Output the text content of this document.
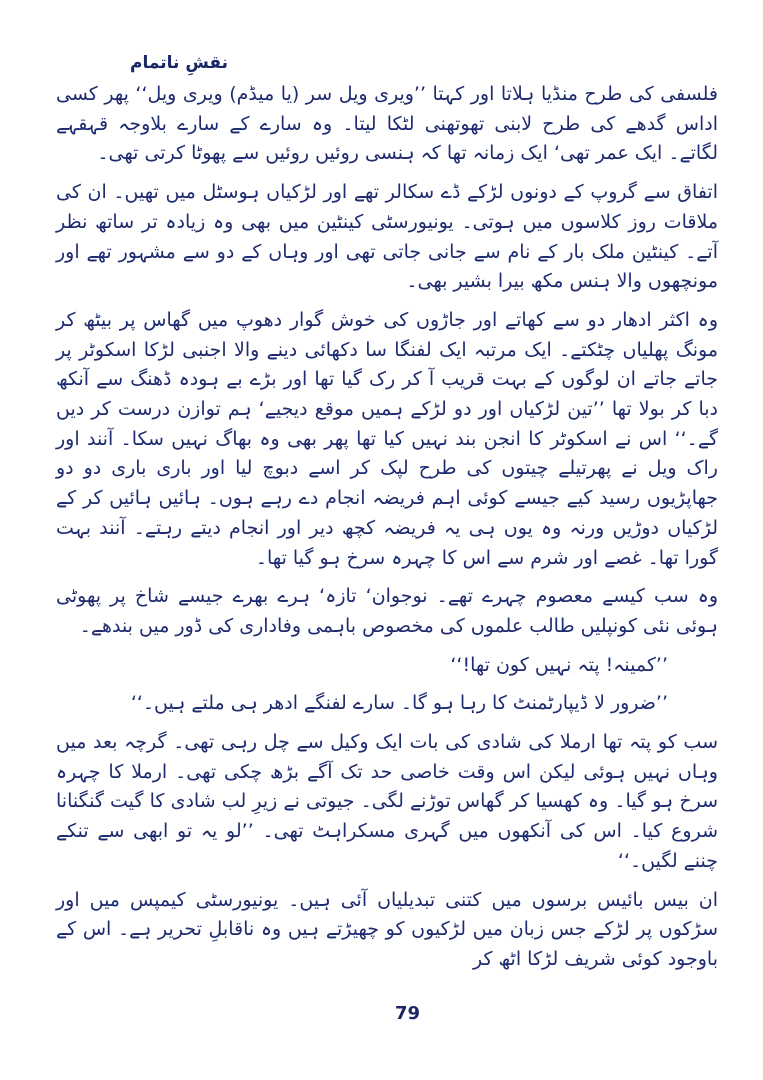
نقشِ ناتمام

فلسفی کی طرح منڈیا ہلاتا اور کہتا ’’ویری ویل سر (یا میڈم) ویری ویل‘‘ پھر کسی اداس گدھے کی طرح لابنی تھوتھنی لٹکا لیتا۔ وہ سارے کے سارے بلاوجہ قہقہے لگاتے۔ ایک عمر تھی‘ ایک زمانہ تھا کہ ہنسی روئیں روئیں سے پھوٹا کرتی تھی۔

اتفاق سے گروپ کے دونوں لڑکے ڈے سکالر تھے اور لڑکیاں ہوسٹل میں تھیں۔ ان کی ملاقات روز کلاسوں میں ہوتی۔ یونیورسٹی کینٹین میں بھی وہ زیادہ تر ساتھ نظر آتے۔ کینٹین ملک بار کے نام سے جانی جاتی تھی اور وہاں کے دو سے مشہور تھے اور مونچھوں والا ہنس مکھ بیرا بشیر بھی۔

وہ اکثر ادھار دو سے کھاتے اور جاڑوں کی خوش گوار دھوپ میں گھاس پر بیٹھ کر مونگ پھلیاں چٹکتے۔ ایک مرتبہ ایک لفنگا سا دکھائی دینے والا اجنبی لڑکا اسکوٹر پر جاتے جاتے ان لوگوں کے بہت قریب آ کر رک گیا تھا اور بڑے بے ہودہ ڈھنگ سے آنکھ دبا کر بولا تھا ’’تین لڑکیاں اور دو لڑکے ہمیں موقع دیجیے‘ ہم توازن درست کر دیں گے۔‘‘ اس نے اسکوٹر کا انجن بند نہیں کیا تھا پھر بھی وہ بھاگ نہیں سکا۔ آنند اور راک ویل نے پھرتیلے چیتوں کی طرح لپک کر اسے دبوچ لیا اور باری باری دو دو جھاپڑیوں رسید کیے جیسے کوئی اہم فریضہ انجام دے رہے ہوں۔ ہائیں ہائیں کر کے لڑکیاں دوڑیں ورنہ وہ یوں ہی یہ فریضہ کچھ دیر اور انجام دیتے رہتے۔ آنند بہت گورا تھا۔ غصے اور شرم سے اس کا چہرہ سرخ ہو گیا تھا۔

وہ سب کیسے معصوم چہرے تھے۔ نوجوان‘ تازہ‘ ہرے بھرے جیسے شاخ پر پھوٹی ہوئی نئی کونپلیں طالب علموں کی مخصوص باہمی وفاداری کی ڈور میں بندھے۔

’’کمینہ! پتہ نہیں کون تھا!‘‘

’’ضرور لا ڈیپارٹمنٹ کا رہا ہو گا۔ سارے لفنگے ادھر ہی ملتے ہیں۔‘‘

سب کو پتہ تھا ارملا کی شادی کی بات ایک وکیل سے چل رہی تھی۔ گرچہ بعد میں وہاں نہیں ہوئی لیکن اس وقت خاصی حد تک آگے بڑھ چکی تھی۔ ارملا کا چہرہ سرخ ہو گیا۔ وہ کھسیا کر گھاس توڑنے لگی۔ جیوتی نے زیرِ لب شادی کا گیت گنگنانا شروع کیا۔ اس کی آنکھوں میں گہری مسکراہٹ تھی۔ ’’لو یہ تو ابھی سے تنکے چننے لگیں۔‘‘

ان بیس بائیس برسوں میں کتنی تبدیلیاں آئی ہیں۔ یونیورسٹی کیمپس میں اور سڑکوں پر لڑکے جس زبان میں لڑکیوں کو چھیڑتے ہیں وہ ناقابلِ تحریر ہے۔ اس کے باوجود کوئی شریف لڑکا اٹھ کر

79
